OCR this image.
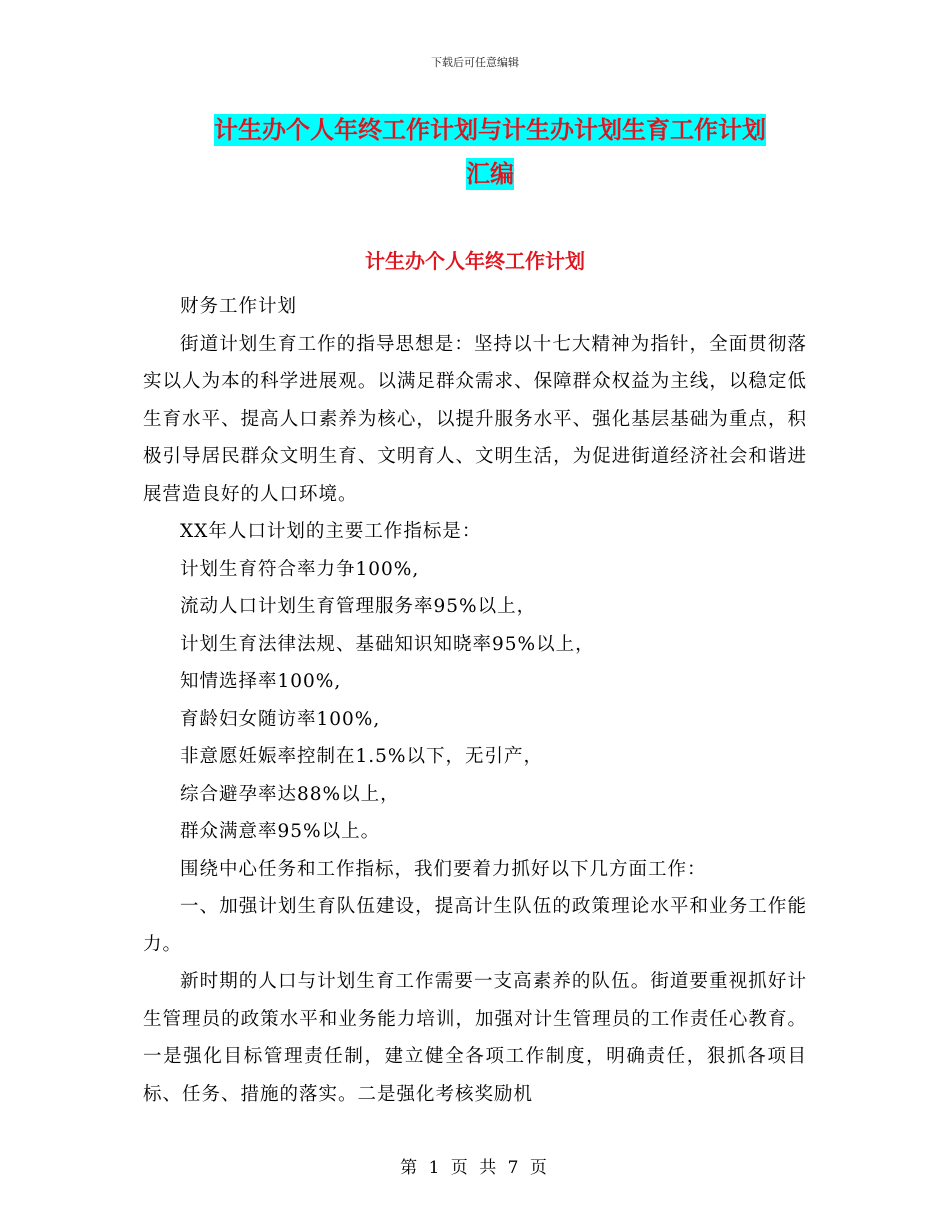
下载后可任意编辑
计生办个人年终工作计划与计生办计划生育工作计划
汇编
计生办个人年终工作计划

财务工作计划

街道计划生育工作的指导思想是：坚持以十七大精神为指针，全面贯彻落实以人为本的科学进展观。以满足群众需求、保障群众权益为主线，以稳定低生育水平、提高人口素养为核心，以提升服务水平、强化基层基础为重点，积极引导居民群众文明生育、文明育人、文明生活，为促进街道经济社会和谐进展营造良好的人口环境。

XX年人口计划的主要工作指标是：

计划生育符合率力争100%,

流动人口计划生育管理服务率95%以上，

计划生育法律法规、基础知识知晓率95%以上，

知情选择率100%,

育龄妇女随访率100%,

非意愿妊娠率控制在1.5%以下，无引产，

综合避孕率达88%以上，

群众满意率95%以上。

围绕中心任务和工作指标，我们要着力抓好以下几方面工作：

一、加强计划生育队伍建设，提高计生队伍的政策理论水平和业务工作能力。

新时期的人口与计划生育工作需要一支高素养的队伍。街道要重视抓好计生管理员的政策水平和业务能力培训，加强对计生管理员的工作责任心教育。一是强化目标管理责任制，建立健全各项工作制度，明确责任，狠抓各项目标、任务、措施的落实。二是强化考核奖励机

第 1 页 共 7 页
